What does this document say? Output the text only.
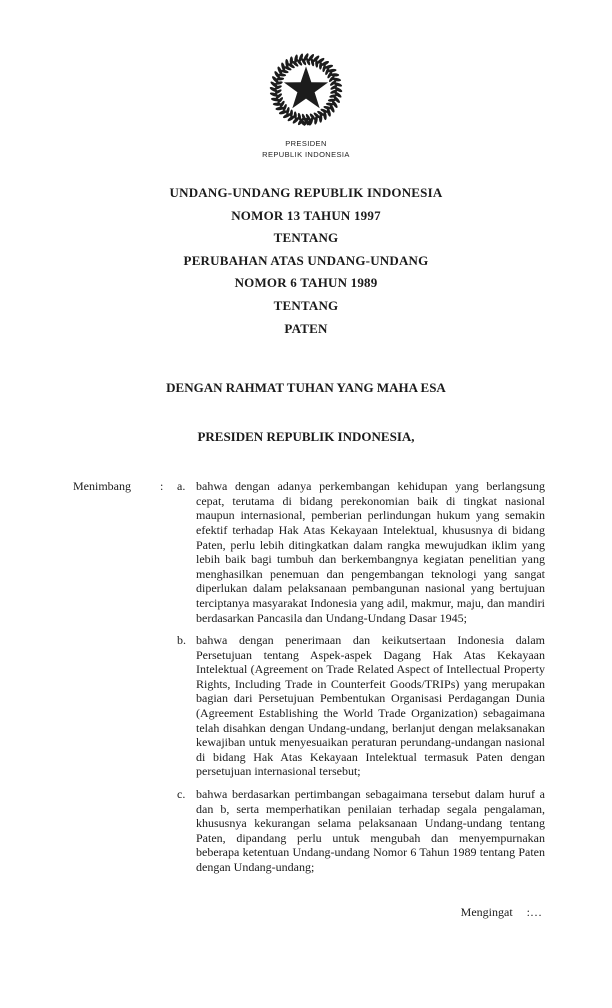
PRESIDEN
REPUBLIK INDONESIA
UNDANG-UNDANG REPUBLIK INDONESIA
NOMOR 13 TAHUN 1997
TENTANG
PERUBAHAN ATAS UNDANG-UNDANG
NOMOR 6 TAHUN 1989
TENTANG
PATEN
DENGAN RAHMAT TUHAN YANG MAHA ESA
PRESIDEN REPUBLIK INDONESIA,
Menimbang : a. bahwa dengan adanya perkembangan kehidupan yang berlangsung cepat, terutama di bidang perekonomian baik di tingkat nasional maupun internasional, pemberian perlindungan hukum yang semakin efektif terhadap Hak Atas Kekayaan Intelektual, khususnya di bidang Paten, perlu lebih ditingkatkan dalam rangka mewujudkan iklim yang lebih baik bagi tumbuh dan berkembangnya kegiatan penelitian yang menghasilkan penemuan dan pengembangan teknologi yang sangat diperlukan dalam pelaksanaan pembangunan nasional yang bertujuan terciptanya masyarakat Indonesia yang adil, makmur, maju, dan mandiri berdasarkan Pancasila dan Undang-Undang Dasar 1945;
b. bahwa dengan penerimaan dan keikutsertaan Indonesia dalam Persetujuan tentang Aspek-aspek Dagang Hak Atas Kekayaan Intelektual (Agreement on Trade Related Aspect of Intellectual Property Rights, Including Trade in Counterfeit Goods/TRIPs) yang merupakan bagian dari Persetujuan Pembentukan Organisasi Perdagangan Dunia (Agreement Establishing the World Trade Organization) sebagaimana telah disahkan dengan Undang-undang, berlanjut dengan melaksanakan kewajiban untuk menyesuaikan peraturan perundang-undangan nasional di bidang Hak Atas Kekayaan Intelektual termasuk Paten dengan persetujuan internasional tersebut;
c. bahwa berdasarkan pertimbangan sebagaimana tersebut dalam huruf a dan b, serta memperhatikan penilaian terhadap segala pengalaman, khususnya kekurangan selama pelaksanaan Undang-undang tentang Paten, dipandang perlu untuk mengubah dan menyempurnakan beberapa ketentuan Undang-undang Nomor 6 Tahun 1989 tentang Paten dengan Undang-undang;
Mengingat :…
